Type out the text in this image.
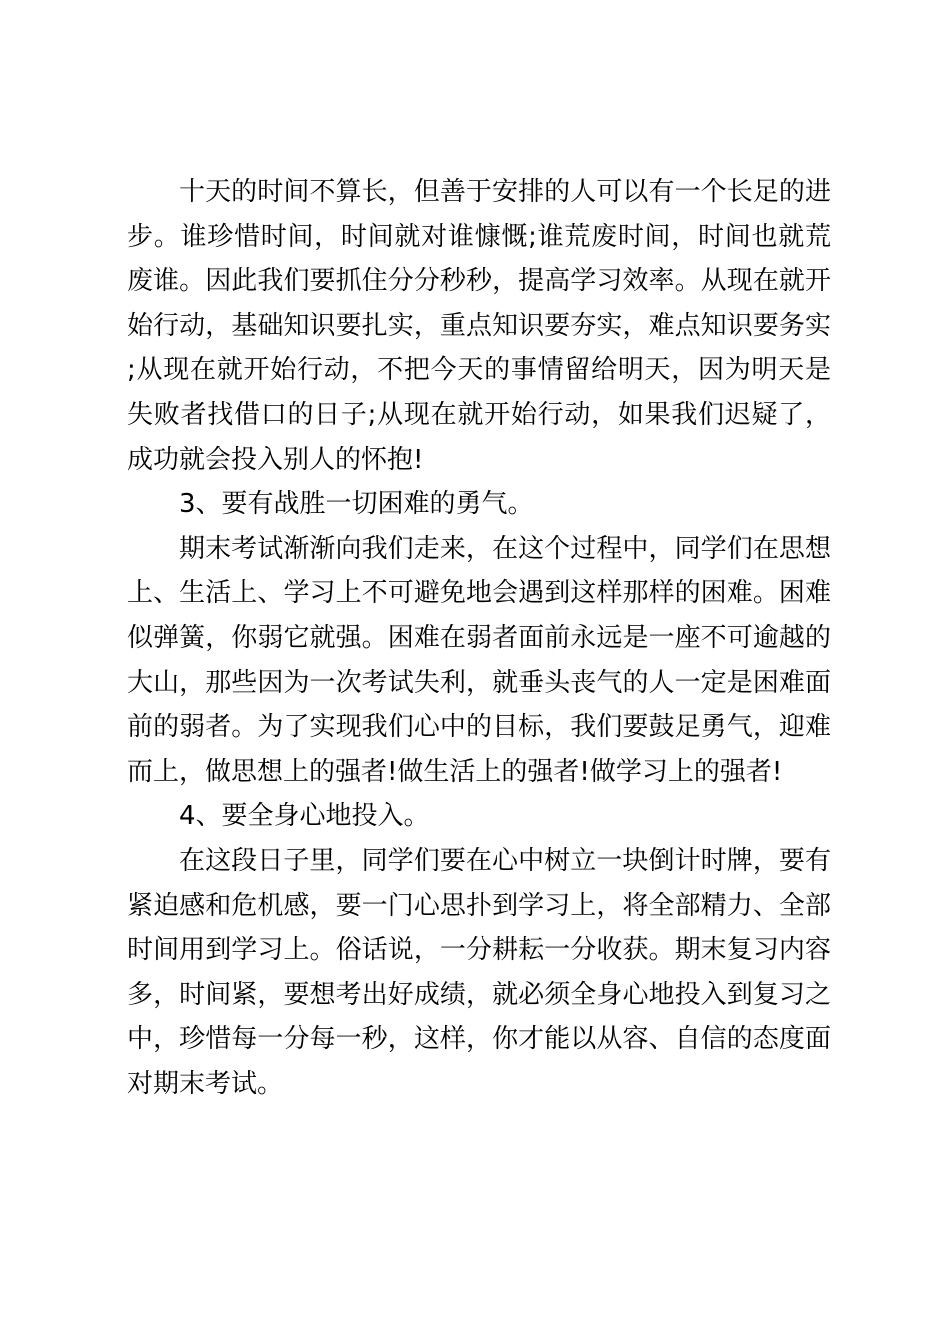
十天的时间不算长，但善于安排的人可以有一个长足的进步。谁珍惜时间，时间就对谁慷慨;谁荒废时间，时间也就荒废谁。因此我们要抓住分分秒秒，提高学习效率。从现在就开始行动，基础知识要扎实，重点知识要夯实，难点知识要务实;从现在就开始行动，不把今天的事情留给明天，因为明天是失败者找借口的日子;从现在就开始行动，如果我们迟疑了，成功就会投入别人的怀抱!

3、要有战胜一切困难的勇气。

期末考试渐渐向我们走来，在这个过程中，同学们在思想上、生活上、学习上不可避免地会遇到这样那样的困难。困难似弹簧，你弱它就强。困难在弱者面前永远是一座不可逾越的大山，那些因为一次考试失利，就垂头丧气的人一定是困难面前的弱者。为了实现我们心中的目标，我们要鼓足勇气，迎难而上，做思想上的强者!做生活上的强者!做学习上的强者!

4、要全身心地投入。

在这段日子里，同学们要在心中树立一块倒计时牌，要有紧迫感和危机感，要一门心思扑到学习上，将全部精力、全部时间用到学习上。俗话说，一分耕耘一分收获。期末复习内容多，时间紧，要想考出好成绩，就必须全身心地投入到复习之中，珍惜每一分每一秒，这样，你才能以从容、自信的态度面对期末考试。
